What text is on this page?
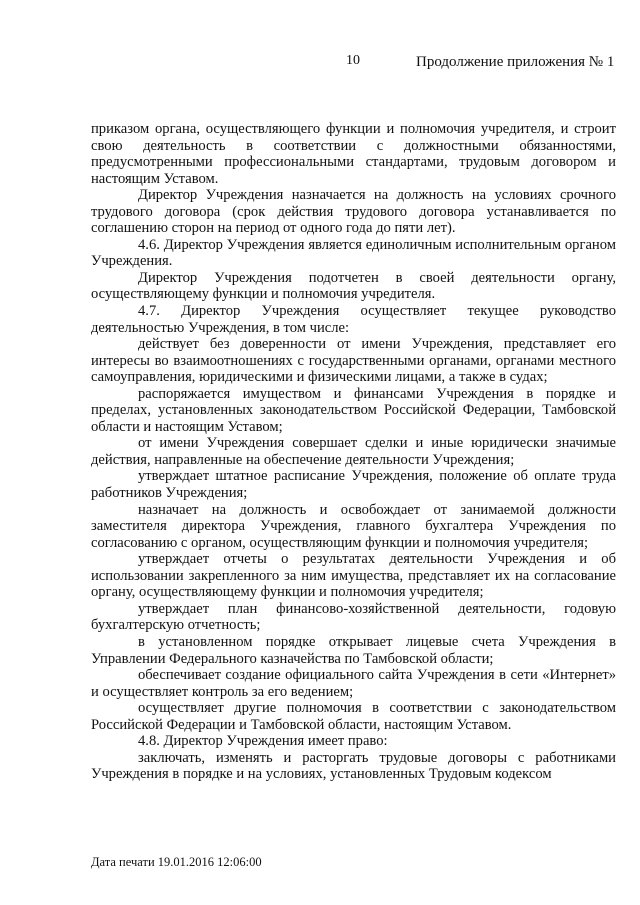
10	Продолжение приложения № 1

приказом органа, осуществляющего функции и полномочия учредителя, и строит свою деятельность в соответствии с должностными обязанностями, предусмотренными профессиональными стандартами, трудовым договором и настоящим Уставом.

Директор Учреждения назначается на должность на условиях срочного трудового договора (срок действия трудового договора устанавливается по соглашению сторон на период от одного года до пяти лет).

4.6. Директор Учреждения является единоличным исполнительным органом Учреждения.

Директор Учреждения подотчетен в своей деятельности органу, осуществляющему функции и полномочия учредителя.

4.7. Директор Учреждения осуществляет текущее руководство деятельностью Учреждения, в том числе:

действует без доверенности от имени Учреждения, представляет его интересы во взаимоотношениях с государственными органами, органами местного самоуправления, юридическими и физическими лицами, а также в судах;

распоряжается имуществом и финансами Учреждения в порядке и пределах, установленных законодательством Российской Федерации, Тамбовской области и настоящим Уставом;

от имени Учреждения совершает сделки и иные юридически значимые действия, направленные на обеспечение деятельности Учреждения;

утверждает штатное расписание Учреждения, положение об оплате труда работников Учреждения;

назначает на должность и освобождает от занимаемой должности заместителя директора Учреждения, главного бухгалтера Учреждения по согласованию с органом, осуществляющим функции и полномочия учредителя;

утверждает отчеты о результатах деятельности Учреждения и об использовании закрепленного за ним имущества, представляет их на согласование органу, осуществляющему функции и полномочия учредителя;

утверждает план финансово-хозяйственной деятельности, годовую бухгалтерскую отчетность;

в установленном порядке открывает лицевые счета Учреждения в Управлении Федерального казначейства по Тамбовской области;

обеспечивает создание официального сайта Учреждения в сети «Интернет» и осуществляет контроль за его ведением;

осуществляет другие полномочия в соответствии с законодательством Российской Федерации и Тамбовской области, настоящим Уставом.

4.8. Директор Учреждения имеет право:

заключать, изменять и расторгать трудовые договоры с работниками Учреждения в порядке и на условиях, установленных Трудовым кодексом

Дата печати 19.01.2016 12:06:00
